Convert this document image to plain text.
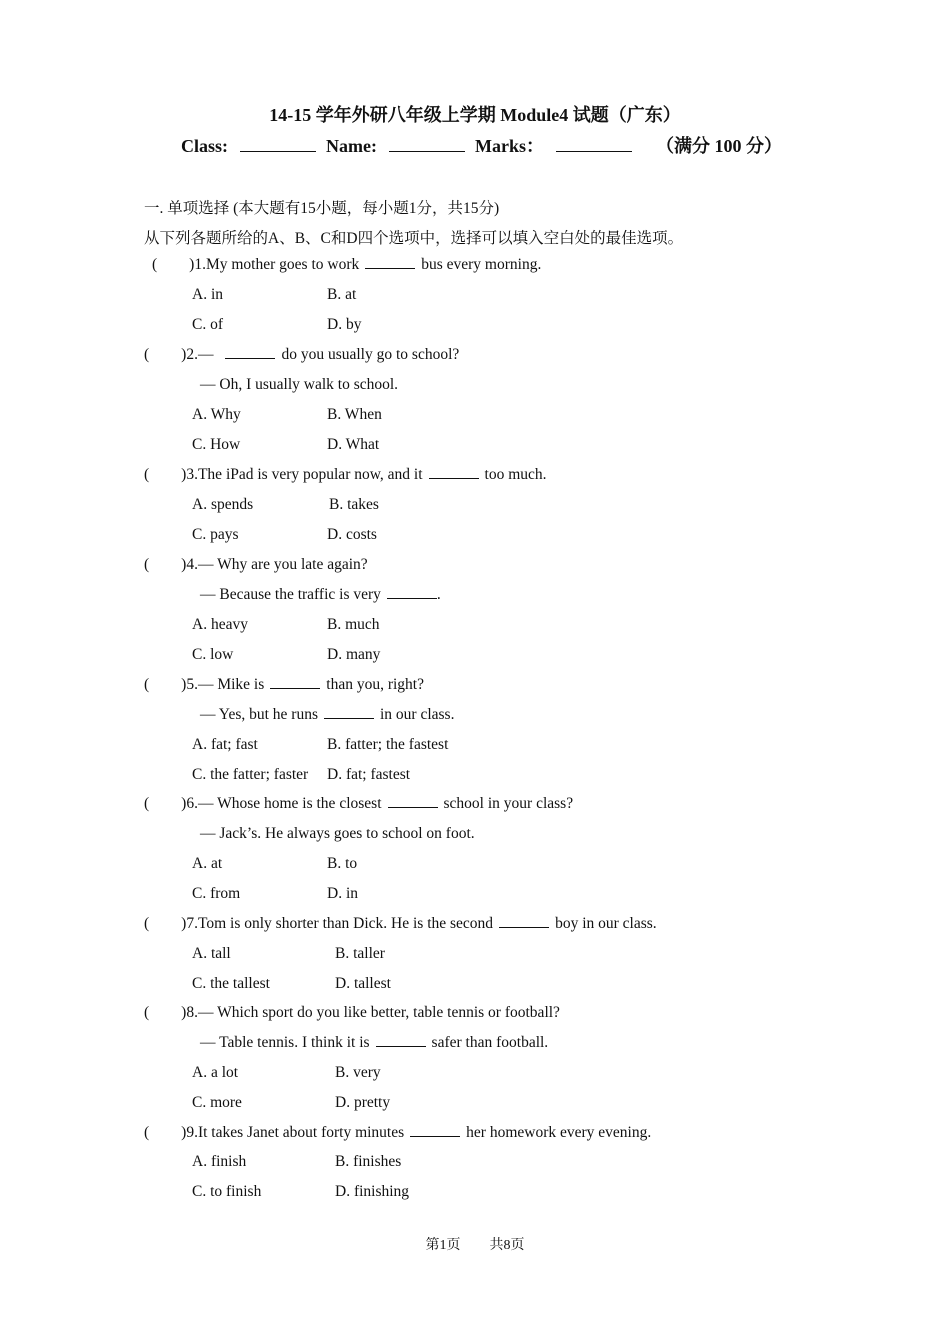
14-15 学年外研八年级上学期 Module4 试题（广东）
Class:	Name:	Marks：	（满分 100 分）
一. 单项选择 (本大题有15小题，每小题1分，共15分)
从下列各题所给的A、B、C和D四个选项中，选择可以填入空白处的最佳选项。
( )1.My mother goes to work	bus every morning.
A. in	B. at
C. of	D. by
( )2.—	do you usually go to school?
— Oh, I usually walk to school.
A. Why	B. When
C. How	D. What
( )3.The iPad is very popular now, and it	too much.
A. spends	B. takes
C. pays	D. costs
( )4.— Why are you late again?
— Because the traffic is very	.
A. heavy	B. much
C. low	D. many
( )5.— Mike is	than you, right?
— Yes, but he runs	in our class.
A. fat; fast	B. fatter; the fastest
C. the fatter; faster D. fat; fastest
( )6.— Whose home is the closest	school in your class?
— Jack’s. He always goes to school on foot.
A. at	B. to
C. from	D. in
( )7.Tom is only shorter than Dick. He is the second	boy in our class.
A. tall	B. taller
C. the tallest	D. tallest
( )8.— Which sport do you like better, table tennis or football?
— Table tennis. I think it is	safer than football.
A. a lot	B. very
C. more	D. pretty
( )9.It takes Janet about forty minutes	her homework every evening.
A. finish	B. finishes
C. to finish	D. finishing
第1页 共8页
